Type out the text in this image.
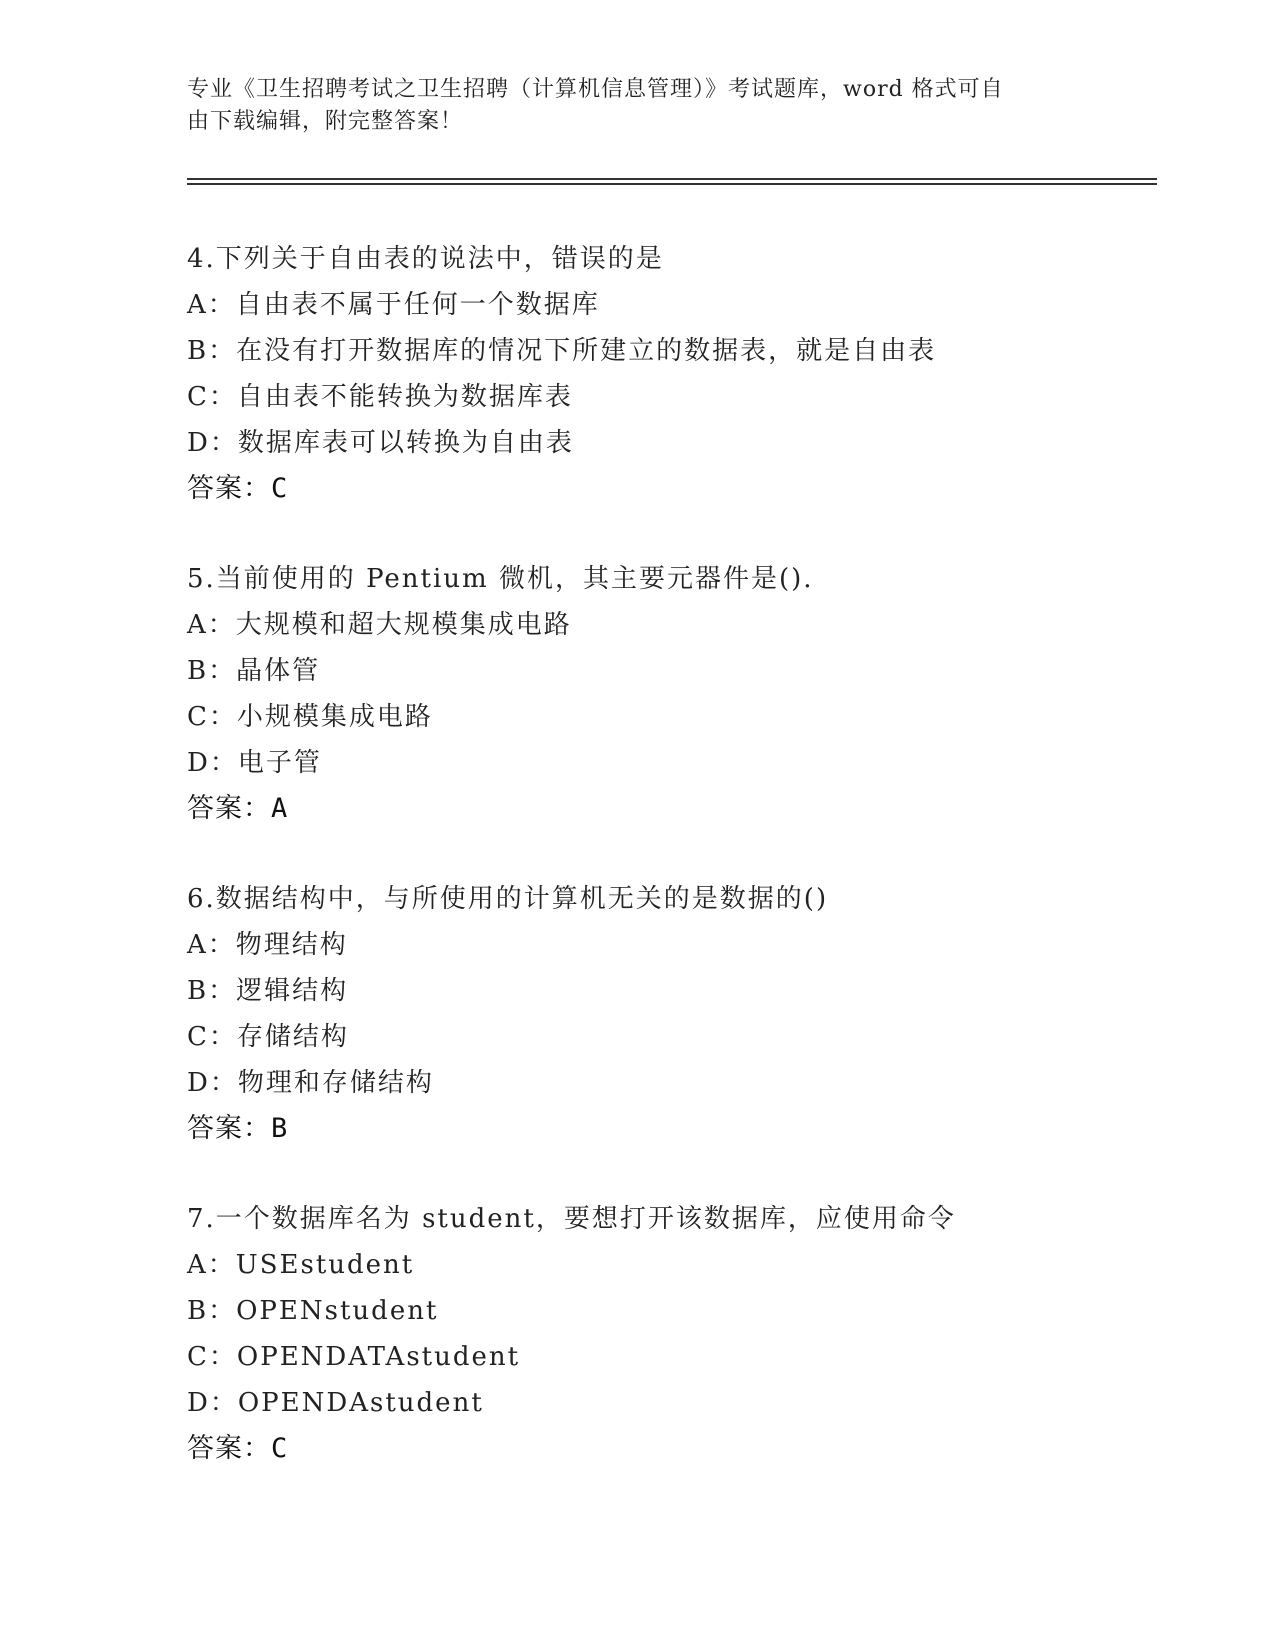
专业《卫生招聘考试之卫生招聘（计算机信息管理）》考试题库，word 格式可自
由下载编辑，附完整答案！
4.下列关于自由表的说法中，错误的是
A：自由表不属于任何一个数据库
B：在没有打开数据库的情况下所建立的数据表，就是自由表
C：自由表不能转换为数据库表
D：数据库表可以转换为自由表
答案：C
5.当前使用的 Pentium 微机，其主要元器件是().
A：大规模和超大规模集成电路
B：晶体管
C：小规模集成电路
D：电子管
答案：A
6.数据结构中，与所使用的计算机无关的是数据的()
A：物理结构
B：逻辑结构
C：存储结构
D：物理和存储结构
答案：B
7.一个数据库名为 student，要想打开该数据库，应使用命令
A：USEstudent
B：OPENstudent
C：OPENDATAstudent
D：OPENDAstudent
答案：C
